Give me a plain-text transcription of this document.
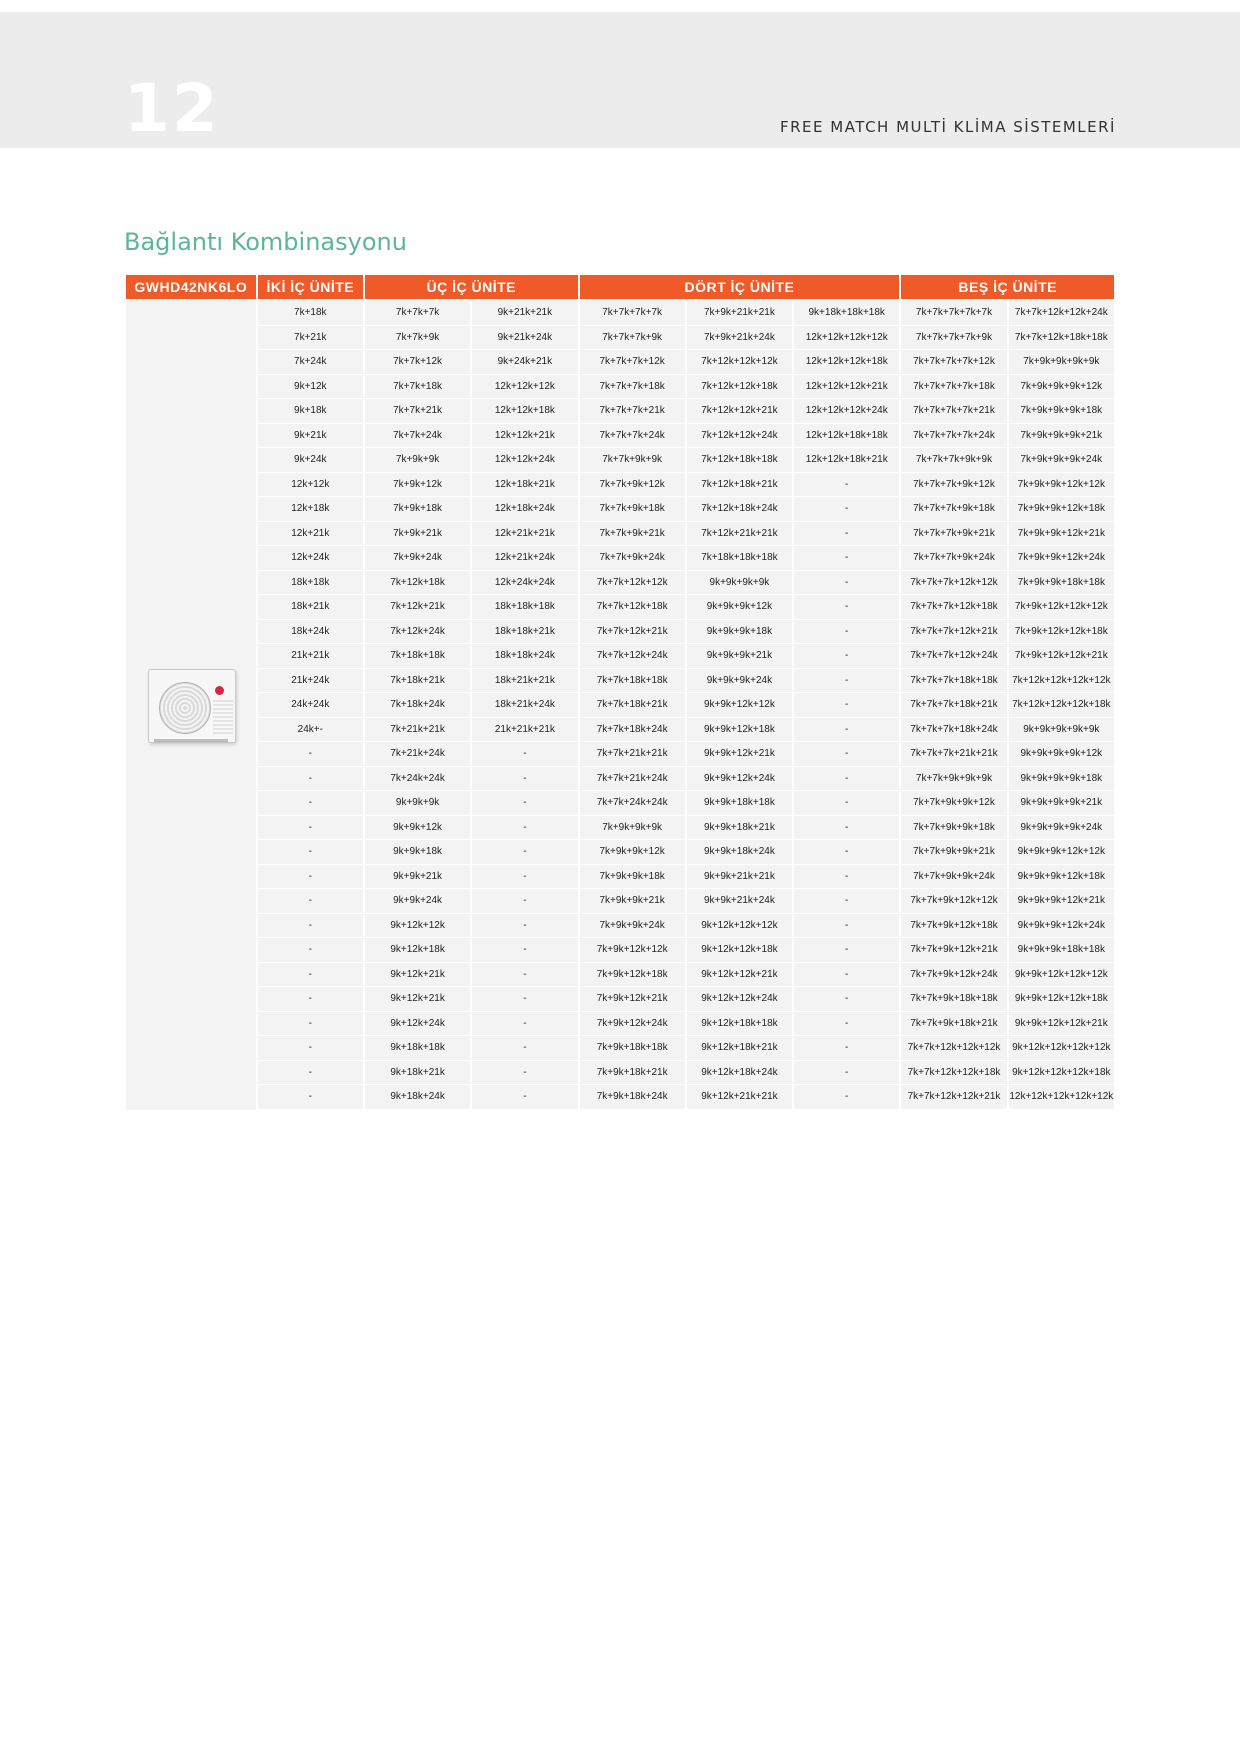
12	FREE MATCH MULTİ KLİMA SİSTEMLERİ
Bağlantı Kombinasyonu
GWHD42NK6LO	İKİ İÇ ÜNİTE	ÜÇ İÇ ÜNİTE		DÖRT İÇ ÜNİTE			BEŞ İÇ ÜNİTE	

	7k+18k	7k+7k+7k	9k+21k+21k	7k+7k+7k+7k	7k+9k+21k+21k	9k+18k+18k+18k	7k+7k+7k+7k+7k	7k+7k+12k+12k+24k
	7k+21k	7k+7k+9k	9k+21k+24k	7k+7k+7k+9k	7k+9k+21k+24k	12k+12k+12k+12k	7k+7k+7k+7k+9k	7k+7k+12k+18k+18k
	7k+24k	7k+7k+12k	9k+24k+21k	7k+7k+7k+12k	7k+12k+12k+12k	12k+12k+12k+18k	7k+7k+7k+7k+12k	7k+9k+9k+9k+9k
	9k+12k	7k+7k+18k	12k+12k+12k	7k+7k+7k+18k	7k+12k+12k+18k	12k+12k+12k+21k	7k+7k+7k+7k+18k	7k+9k+9k+9k+12k
	9k+18k	7k+7k+21k	12k+12k+18k	7k+7k+7k+21k	7k+12k+12k+21k	12k+12k+12k+24k	7k+7k+7k+7k+21k	7k+9k+9k+9k+18k
	9k+21k	7k+7k+24k	12k+12k+21k	7k+7k+7k+24k	7k+12k+12k+24k	12k+12k+18k+18k	7k+7k+7k+7k+24k	7k+9k+9k+9k+21k
	9k+24k	7k+9k+9k	12k+12k+24k	7k+7k+9k+9k	7k+12k+18k+18k	12k+12k+18k+21k	7k+7k+7k+9k+9k	7k+9k+9k+9k+24k
	12k+12k	7k+9k+12k	12k+18k+21k	7k+7k+9k+12k	7k+12k+18k+21k	-	7k+7k+7k+9k+12k	7k+9k+9k+12k+12k
	12k+18k	7k+9k+18k	12k+18k+24k	7k+7k+9k+18k	7k+12k+18k+24k	-	7k+7k+7k+9k+18k	7k+9k+9k+12k+18k
	12k+21k	7k+9k+21k	12k+21k+21k	7k+7k+9k+21k	7k+12k+21k+21k	-	7k+7k+7k+9k+21k	7k+9k+9k+12k+21k
	12k+24k	7k+9k+24k	12k+21k+24k	7k+7k+9k+24k	7k+18k+18k+18k	-	7k+7k+7k+9k+24k	7k+9k+9k+12k+24k
	18k+18k	7k+12k+18k	12k+24k+24k	7k+7k+12k+12k	9k+9k+9k+9k	-	7k+7k+7k+12k+12k	7k+9k+9k+18k+18k
	18k+21k	7k+12k+21k	18k+18k+18k	7k+7k+12k+18k	9k+9k+9k+12k	-	7k+7k+7k+12k+18k	7k+9k+12k+12k+12k
	18k+24k	7k+12k+24k	18k+18k+21k	7k+7k+12k+21k	9k+9k+9k+18k	-	7k+7k+7k+12k+21k	7k+9k+12k+12k+18k
	21k+21k	7k+18k+18k	18k+18k+24k	7k+7k+12k+24k	9k+9k+9k+21k	-	7k+7k+7k+12k+24k	7k+9k+12k+12k+21k
	21k+24k	7k+18k+21k	18k+21k+21k	7k+7k+18k+18k	9k+9k+9k+24k	-	7k+7k+7k+18k+18k	7k+12k+12k+12k+12k
	24k+24k	7k+18k+24k	18k+21k+24k	7k+7k+18k+21k	9k+9k+12k+12k	-	7k+7k+7k+18k+21k	7k+12k+12k+12k+18k
	24k+-	7k+21k+21k	21k+21k+21k	7k+7k+18k+24k	9k+9k+12k+18k	-	7k+7k+7k+18k+24k	9k+9k+9k+9k+9k
	-	7k+21k+24k	-	7k+7k+21k+21k	9k+9k+12k+21k	-	7k+7k+7k+21k+21k	9k+9k+9k+9k+12k
	-	7k+24k+24k	-	7k+7k+21k+24k	9k+9k+12k+24k	-	7k+7k+9k+9k+9k	9k+9k+9k+9k+18k
	-	9k+9k+9k	-	7k+7k+24k+24k	9k+9k+18k+18k	-	7k+7k+9k+9k+12k	9k+9k+9k+9k+21k
	-	9k+9k+12k	-	7k+9k+9k+9k	9k+9k+18k+21k	-	7k+7k+9k+9k+18k	9k+9k+9k+9k+24k
	-	9k+9k+18k	-	7k+9k+9k+12k	9k+9k+18k+24k	-	7k+7k+9k+9k+21k	9k+9k+9k+12k+12k
	-	9k+9k+21k	-	7k+9k+9k+18k	9k+9k+21k+21k	-	7k+7k+9k+9k+24k	9k+9k+9k+12k+18k
	-	9k+9k+24k	-	7k+9k+9k+21k	9k+9k+21k+24k	-	7k+7k+9k+12k+12k	9k+9k+9k+12k+21k
	-	9k+12k+12k	-	7k+9k+9k+24k	9k+12k+12k+12k	-	7k+7k+9k+12k+18k	9k+9k+9k+12k+24k
	-	9k+12k+18k	-	7k+9k+12k+12k	9k+12k+12k+18k	-	7k+7k+9k+12k+21k	9k+9k+9k+18k+18k
	-	9k+12k+21k	-	7k+9k+12k+18k	9k+12k+12k+21k	-	7k+7k+9k+12k+24k	9k+9k+12k+12k+12k
	-	9k+12k+21k	-	7k+9k+12k+21k	9k+12k+12k+24k	-	7k+7k+9k+18k+18k	9k+9k+12k+12k+18k
	-	9k+12k+24k	-	7k+9k+12k+24k	9k+12k+18k+18k	-	7k+7k+9k+18k+21k	9k+9k+12k+12k+21k
	-	9k+18k+18k	-	7k+9k+18k+18k	9k+12k+18k+21k	-	7k+7k+12k+12k+12k	9k+12k+12k+12k+12k
	-	9k+18k+21k	-	7k+9k+18k+21k	9k+12k+18k+24k	-	7k+7k+12k+12k+18k	9k+12k+12k+12k+18k
	-	9k+18k+24k	-	7k+9k+18k+24k	9k+12k+21k+21k	-	7k+7k+12k+12k+21k	12k+12k+12k+12k+12k
